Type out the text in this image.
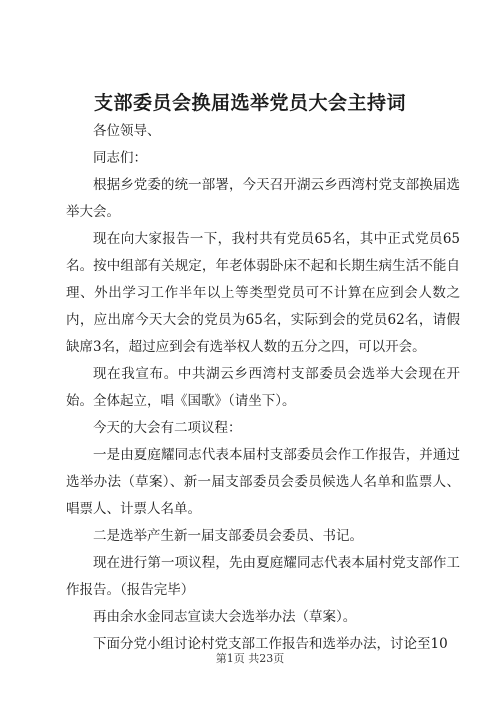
支部委员会换届选举党员大会主持词

各位领导、

同志们：

根据乡党委的统一部署，今天召开湖云乡西湾村党支部换届选举大会。

现在向大家报告一下，我村共有党员65名，其中正式党员65名。按中组部有关规定，年老体弱卧床不起和长期生病生活不能自理、外出学习工作半年以上等类型党员可不计算在应到会人数之内，应出席今天大会的党员为65名，实际到会的党员62名，请假缺席3名，超过应到会有选举权人数的五分之四，可以开会。

现在我宣布。中共湖云乡西湾村支部委员会选举大会现在开始。全体起立，唱《国歌》（请坐下）。

今天的大会有二项议程：

一是由夏庭耀同志代表本届村支部委员会作工作报告，并通过选举办法（草案）、新一届支部委员会委员候选人名单和监票人、唱票人、计票人名单。

二是选举产生新一届支部委员会委员、书记。

现在进行第一项议程，先由夏庭耀同志代表本届村党支部作工作报告。（报告完毕）

再由余水金同志宣读大会选举办法（草案）。

下面分党小组讨论村党支部工作报告和选举办法，讨论至10

第1页 共23页
